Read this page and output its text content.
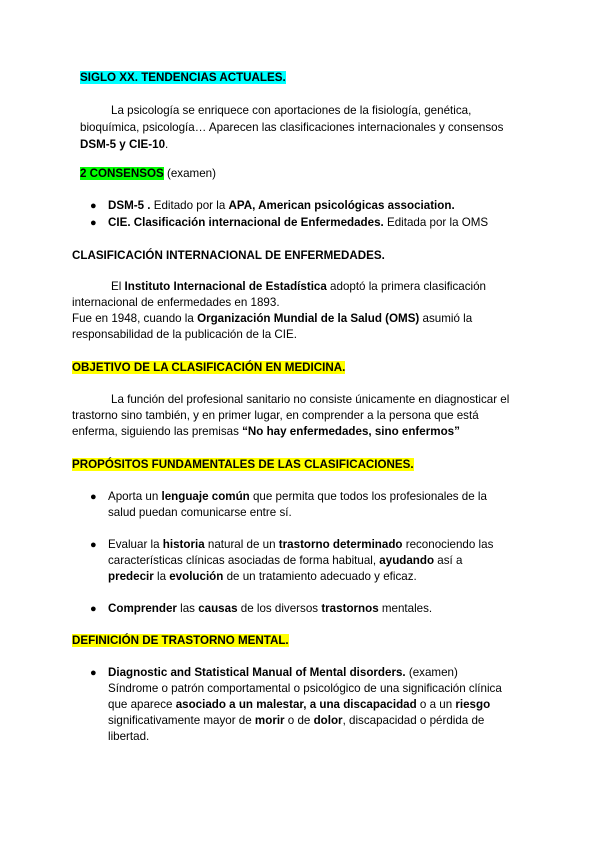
SIGLO XX. TENDENCIAS ACTUALES.
La psicología se enriquece con aportaciones de la fisiología, genética,
bioquímica, psicología… Aparecen las clasificaciones internacionales y consensos
DSM-5 y CIE-10.
2 CONSENSOS (examen)
● DSM-5 . Editado por la APA, American psicológicas association.
● CIE. Clasificación internacional de Enfermedades. Editada por la OMS
CLASIFICACIÓN INTERNACIONAL DE ENFERMEDADES.
El Instituto Internacional de Estadística adoptó la primera clasificación
internacional de enfermedades en 1893.
Fue en 1948, cuando la Organización Mundial de la Salud (OMS) asumió la
responsabilidad de la publicación de la CIE.
OBJETIVO DE LA CLASIFICACIÓN EN MEDICINA.
La función del profesional sanitario no consiste únicamente en diagnosticar el
trastorno sino también, y en primer lugar, en comprender a la persona que está
enferma, siguiendo las premisas “No hay enfermedades, sino enfermos”
PROPÓSITOS FUNDAMENTALES DE LAS CLASIFICACIONES.
● Aporta un lenguaje común que permita que todos los profesionales de la
salud puedan comunicarse entre sí.
● Evaluar la historia natural de un trastorno determinado reconociendo las
características clínicas asociadas de forma habitual, ayudando así a
predecir la evolución de un tratamiento adecuado y eficaz.
● Comprender las causas de los diversos trastornos mentales.
DEFINICIÓN DE TRASTORNO MENTAL.
● Diagnostic and Statistical Manual of Mental disorders. (examen)
Síndrome o patrón comportamental o psicológico de una significación clínica
que aparece asociado a un malestar, a una discapacidad o a un riesgo
significativamente mayor de morir o de dolor, discapacidad o pérdida de
libertad.
